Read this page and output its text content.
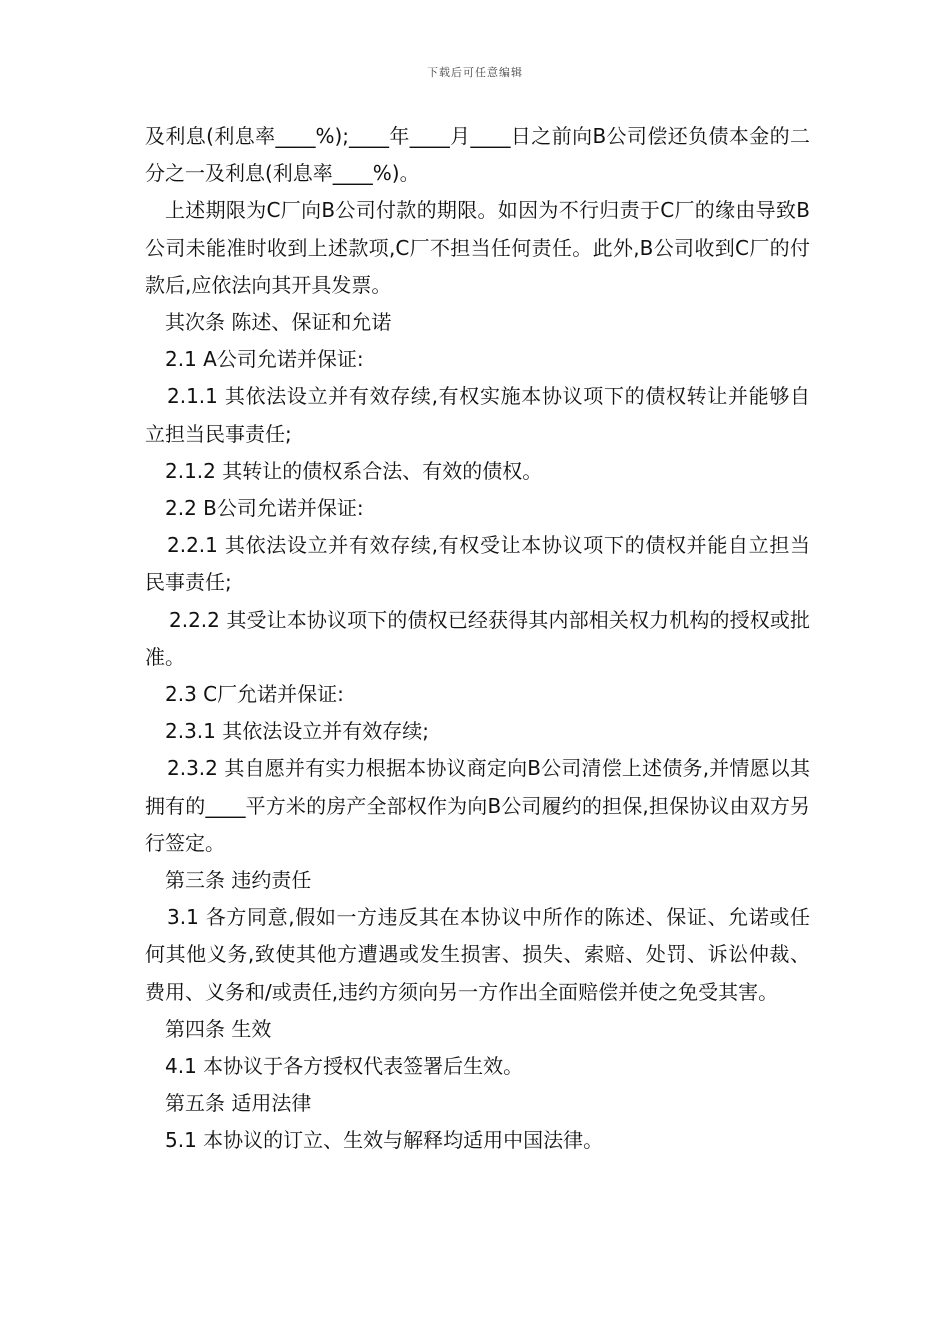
下载后可任意编辑

及利息(利息率____%);____年____月____日之前向B公司偿还负债本金的二分之一及利息(利息率____%)。

上述期限为C厂向B公司付款的期限。如因为不行归责于C厂的缘由导致B公司未能准时收到上述款项,C厂不担当任何责任。此外,B公司收到C厂的付款后,应依法向其开具发票。

其次条 陈述、保证和允诺

2.1 A公司允诺并保证:

2.1.1 其依法设立并有效存续,有权实施本协议项下的债权转让并能够自立担当民事责任;

2.1.2 其转让的债权系合法、有效的债权。

2.2 B公司允诺并保证:

2.2.1 其依法设立并有效存续,有权受让本协议项下的债权并能自立担当民事责任;

2.2.2 其受让本协议项下的债权已经获得其内部相关权力机构的授权或批准。

2.3 C厂允诺并保证:

2.3.1 其依法设立并有效存续;

2.3.2 其自愿并有实力根据本协议商定向B公司清偿上述债务,并情愿以其拥有的____平方米的房产全部权作为向B公司履约的担保,担保协议由双方另行签定。

第三条 违约责任

3.1 各方同意,假如一方违反其在本协议中所作的陈述、保证、允诺或任何其他义务,致使其他方遭遇或发生损害、损失、索赔、处罚、诉讼仲裁、费用、义务和/或责任,违约方须向另一方作出全面赔偿并使之免受其害。

第四条 生效

4.1 本协议于各方授权代表签署后生效。

第五条 适用法律

5.1 本协议的订立、生效与解释均适用中国法律。
